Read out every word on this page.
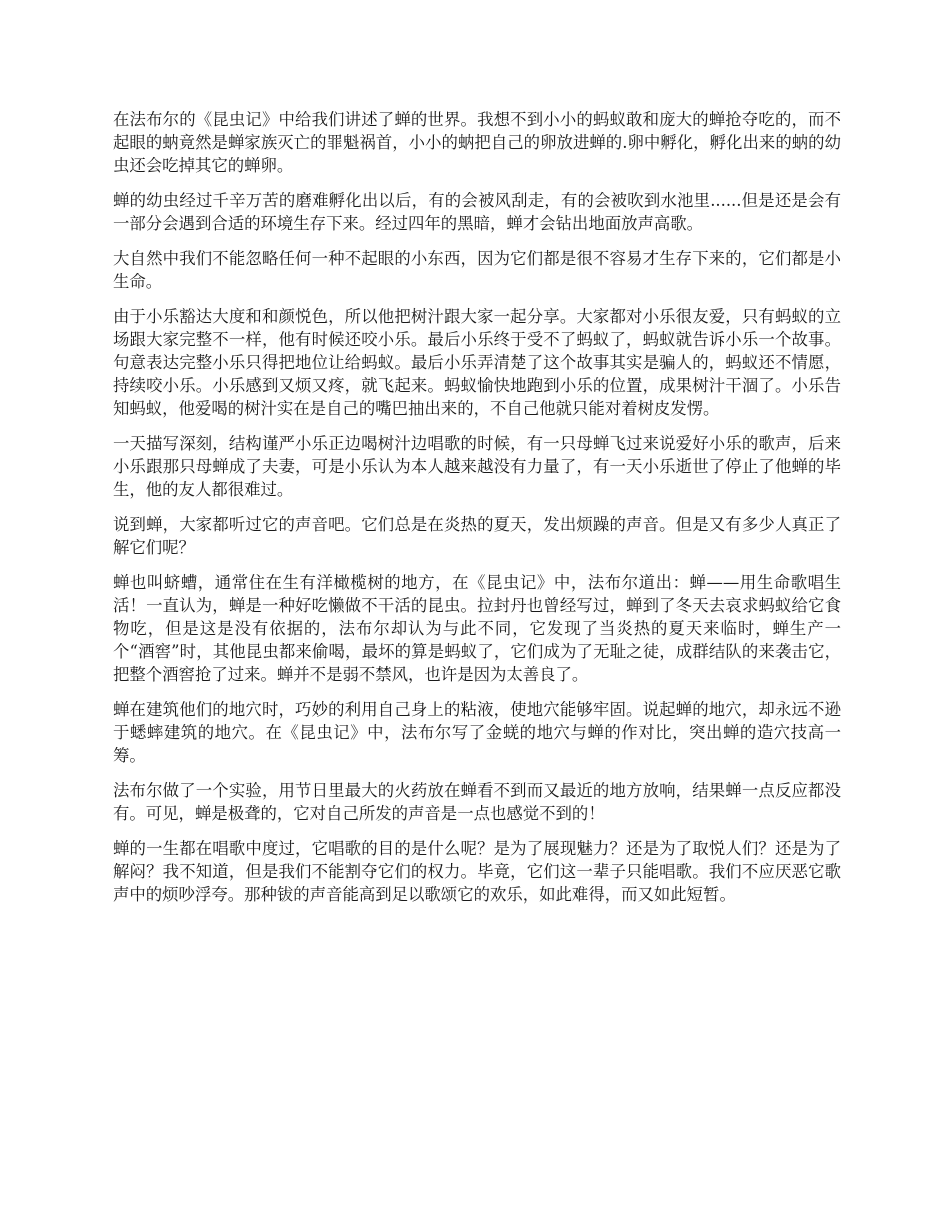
在法布尔的《昆虫记》中给我们讲述了蝉的世界。我想不到小小的蚂蚁敢和庞大的蝉抢夺吃的，而不起眼的蚋竟然是蝉家族灭亡的罪魁祸首，小小的蚋把自己的卵放进蝉的.卵中孵化，孵化出来的蚋的幼虫还会吃掉其它的蝉卵。

蝉的幼虫经过千辛万苦的磨难孵化出以后，有的会被风刮走，有的会被吹到水池里......但是还是会有一部分会遇到合适的环境生存下来。经过四年的黑暗，蝉才会钻出地面放声高歌。

大自然中我们不能忽略任何一种不起眼的小东西，因为它们都是很不容易才生存下来的，它们都是小生命。

由于小乐豁达大度和和颜悦色，所以他把树汁跟大家一起分享。大家都对小乐很友爱，只有蚂蚁的立场跟大家完整不一样，他有时候还咬小乐。最后小乐终于受不了蚂蚁了，蚂蚁就告诉小乐一个故事。句意表达完整小乐只得把地位让给蚂蚁。最后小乐弄清楚了这个故事其实是骗人的，蚂蚁还不情愿，持续咬小乐。小乐感到又烦又疼，就飞起来。蚂蚁愉快地跑到小乐的位置，成果树汁干涸了。小乐告知蚂蚁，他爱喝的树汁实在是自己的嘴巴抽出来的，不自己他就只能对着树皮发愣。

一天描写深刻，结构谨严小乐正边喝树汁边唱歌的时候，有一只母蝉飞过来说爱好小乐的歌声，后来小乐跟那只母蝉成了夫妻，可是小乐认为本人越来越没有力量了，有一天小乐逝世了停止了他蝉的毕生，他的友人都很难过。

说到蝉，大家都听过它的声音吧。它们总是在炎热的夏天，发出烦躁的声音。但是又有多少人真正了解它们呢？

蝉也叫蛴螬，通常住在生有洋橄榄树的地方，在《昆虫记》中，法布尔道出：蝉——用生命歌唱生活！一直认为，蝉是一种好吃懒做不干活的昆虫。拉封丹也曾经写过，蝉到了冬天去哀求蚂蚁给它食物吃，但是这是没有依据的，法布尔却认为与此不同，它发现了当炎热的夏天来临时，蝉生产一个“酒窖”时，其他昆虫都来偷喝，最坏的算是蚂蚁了，它们成为了无耻之徒，成群结队的来袭击它，把整个酒窖抢了过来。蝉并不是弱不禁风，也许是因为太善良了。

蝉在建筑他们的地穴时，巧妙的利用自己身上的粘液，使地穴能够牢固。说起蝉的地穴，却永远不逊于蟋蟀建筑的地穴。在《昆虫记》中，法布尔写了金蜣的地穴与蝉的作对比，突出蝉的造穴技高一筹。

法布尔做了一个实验，用节日里最大的火药放在蝉看不到而又最近的地方放响，结果蝉一点反应都没有。可见，蝉是极聋的，它对自己所发的声音是一点也感觉不到的！

蝉的一生都在唱歌中度过，它唱歌的目的是什么呢？是为了展现魅力？还是为了取悦人们？还是为了解闷？我不知道，但是我们不能割夺它们的权力。毕竟，它们这一辈子只能唱歌。我们不应厌恶它歌声中的烦吵浮夸。那种钹的声音能高到足以歌颂它的欢乐，如此难得，而又如此短暂。
